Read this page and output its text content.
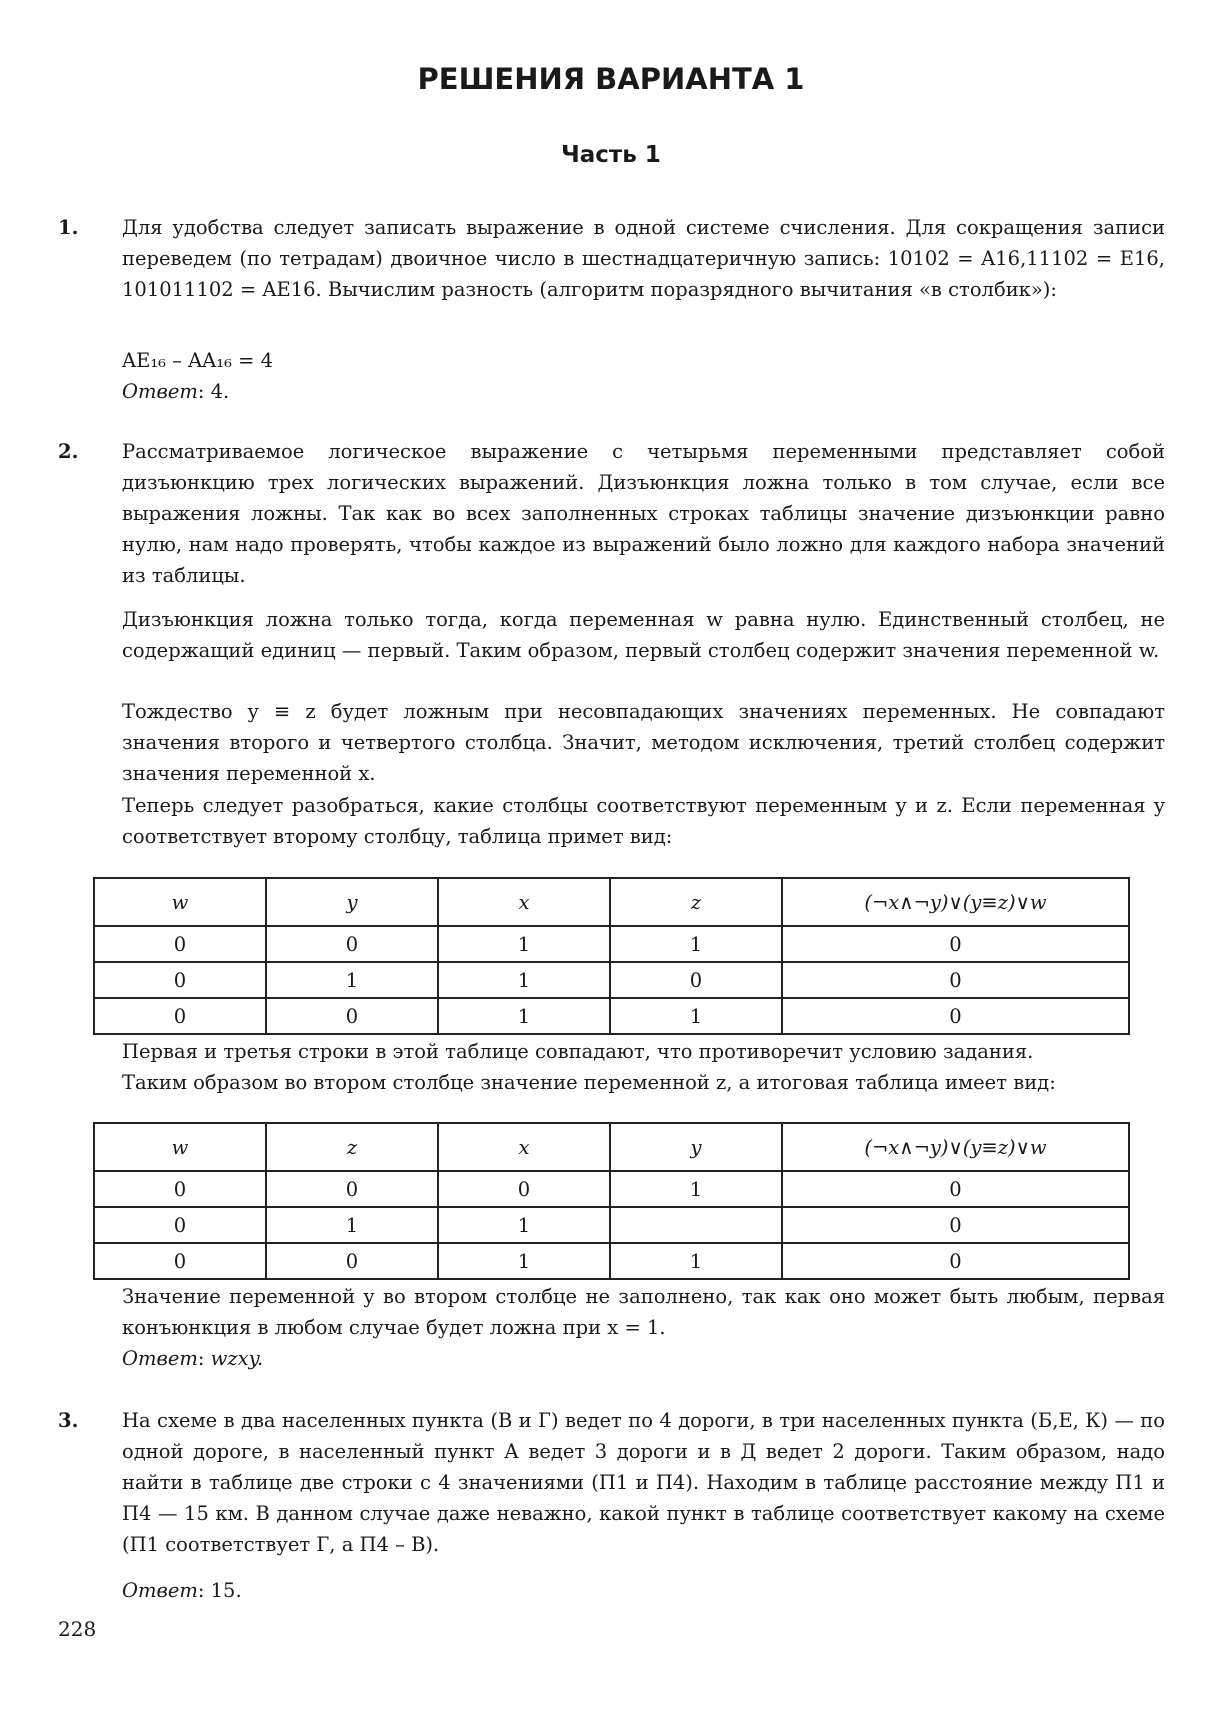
РЕШЕНИЯ ВАРИАНТА 1
Часть 1
1. Для удобства следует записать выражение в одной системе счисления. Для сокращения записи переведем (по тетрадам) двоичное число в шестнадцатеричную запись: 10102 = A16,11102 = E16, 101011102 = AE16. Вычислим разность (алгоритм поразрядного вычитания «в столбик»):
AE₁₆ – AA₁₆ = 4
Ответ: 4.
2. Рассматриваемое логическое выражение с четырьмя переменными представляет собой дизъюнкцию трех логических выражений. Дизъюнкция ложна только в том случае, если все выражения ложны. Так как во всех заполненных строках таблицы значение дизъюнкции равно нулю, нам надо проверять, чтобы каждое из выражений было ложно для каждого набора значений из таблицы.
Дизъюнкция ложна только тогда, когда переменная w равна нулю. Единственный столбец, не содержащий единиц — первый. Таким образом, первый столбец содержит значения переменной w.
Тождество y ≡ z будет ложным при несовпадающих значениях переменных. Не совпадают значения второго и четвертого столбца. Значит, методом исключения, третий столбец содержит значения переменной x.
Теперь следует разобраться, какие столбцы соответствуют переменным y и z. Если переменная y соответствует второму столбцу, таблица примет вид:
w	y	x	z	(¬x∧¬y)∨(y≡z)∨w
0	0	1	1	0
0	1	1	0	0
0	0	1	1	0
Первая и третья строки в этой таблице совпадают, что противоречит условию задания.
Таким образом во втором столбце значение переменной z, а итоговая таблица имеет вид:
w	z	x	y	(¬x∧¬y)∨(y≡z)∨w
0	0	0	1	0
0	1	1		0
0	0	1	1	0
Значение переменной y во втором столбце не заполнено, так как оно может быть любым, первая конъюнкция в любом случае будет ложна при x = 1.
Ответ: wzxy.
3. На схеме в два населенных пункта (В и Г) ведет по 4 дороги, в три населенных пункта (Б,Е, К) — по одной дороге, в населенный пункт А ведет 3 дороги и в Д ведет 2 дороги. Таким образом, надо найти в таблице две строки с 4 значениями (П1 и П4). Находим в таблице расстояние между П1 и П4 — 15 км. В данном случае даже неважно, какой пункт в таблице соответствует какому на схеме (П1 соответствует Г, а П4 – В).
Ответ: 15.
228
